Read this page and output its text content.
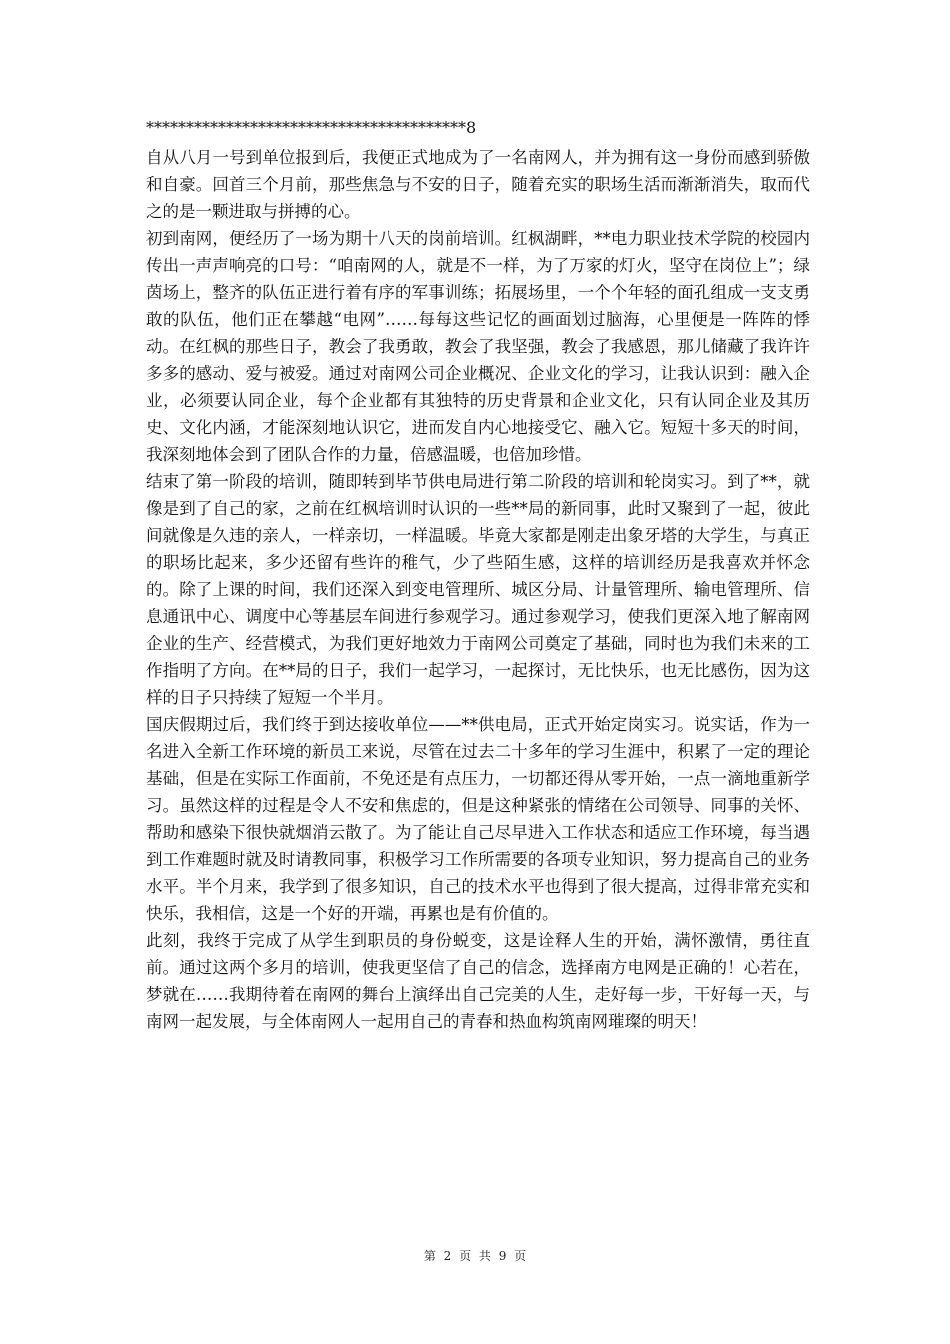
****************************************8

自从八月一号到单位报到后，我便正式地成为了一名南网人，并为拥有这一身份而感到骄傲和自豪。回首三个月前，那些焦急与不安的日子，随着充实的职场生活而渐渐消失，取而代之的是一颗进取与拼搏的心。

初到南网，便经历了一场为期十八天的岗前培训。红枫湖畔，**电力职业技术学院的校园内传出一声声响亮的口号：“咱南网的人，就是不一样，为了万家的灯火，坚守在岗位上”；绿茵场上，整齐的队伍正进行着有序的军事训练；拓展场里，一个个年轻的面孔组成一支支勇敢的队伍，他们正在攀越“电网”……每每这些记忆的画面划过脑海，心里便是一阵阵的悸动。在红枫的那些日子，教会了我勇敢，教会了我坚强，教会了我感恩，那儿储藏了我许许多多的感动、爱与被爱。通过对南网公司企业概况、企业文化的学习，让我认识到：融入企业，必须要认同企业，每个企业都有其独特的历史背景和企业文化，只有认同企业及其历史、文化内涵，才能深刻地认识它，进而发自内心地接受它、融入它。短短十多天的时间，我深刻地体会到了团队合作的力量，倍感温暖，也倍加珍惜。

结束了第一阶段的培训，随即转到毕节供电局进行第二阶段的培训和轮岗实习。到了**，就像是到了自己的家，之前在红枫培训时认识的一些**局的新同事，此时又聚到了一起，彼此间就像是久违的亲人，一样亲切，一样温暖。毕竟大家都是刚走出象牙塔的大学生，与真正的职场比起来，多少还留有些许的稚气，少了些陌生感，这样的培训经历是我喜欢并怀念的。除了上课的时间，我们还深入到变电管理所、城区分局、计量管理所、输电管理所、信息通讯中心、调度中心等基层车间进行参观学习。通过参观学习，使我们更深入地了解南网企业的生产、经营模式，为我们更好地效力于南网公司奠定了基础，同时也为我们未来的工作指明了方向。在**局的日子，我们一起学习，一起探讨，无比快乐，也无比感伤，因为这样的日子只持续了短短一个半月。

国庆假期过后，我们终于到达接收单位——**供电局，正式开始定岗实习。说实话，作为一名进入全新工作环境的新员工来说，尽管在过去二十多年的学习生涯中，积累了一定的理论基础，但是在实际工作面前，不免还是有点压力，一切都还得从零开始，一点一滴地重新学习。虽然这样的过程是令人不安和焦虑的，但是这种紧张的情绪在公司领导、同事的关怀、帮助和感染下很快就烟消云散了。为了能让自己尽早进入工作状态和适应工作环境，每当遇到工作难题时就及时请教同事，积极学习工作所需要的各项专业知识，努力提高自己的业务水平。半个月来，我学到了很多知识，自己的技术水平也得到了很大提高，过得非常充实和快乐，我相信，这是一个好的开端，再累也是有价值的。

此刻，我终于完成了从学生到职员的身份蜕变，这是诠释人生的开始，满怀激情，勇往直前。通过这两个多月的培训，使我更坚信了自己的信念，选择南方电网是正确的！心若在，梦就在……我期待着在南网的舞台上演绎出自己完美的人生，走好每一步，干好每一天，与南网一起发展，与全体南网人一起用自己的青春和热血构筑南网璀璨的明天！

第 2 页 共 9 页
